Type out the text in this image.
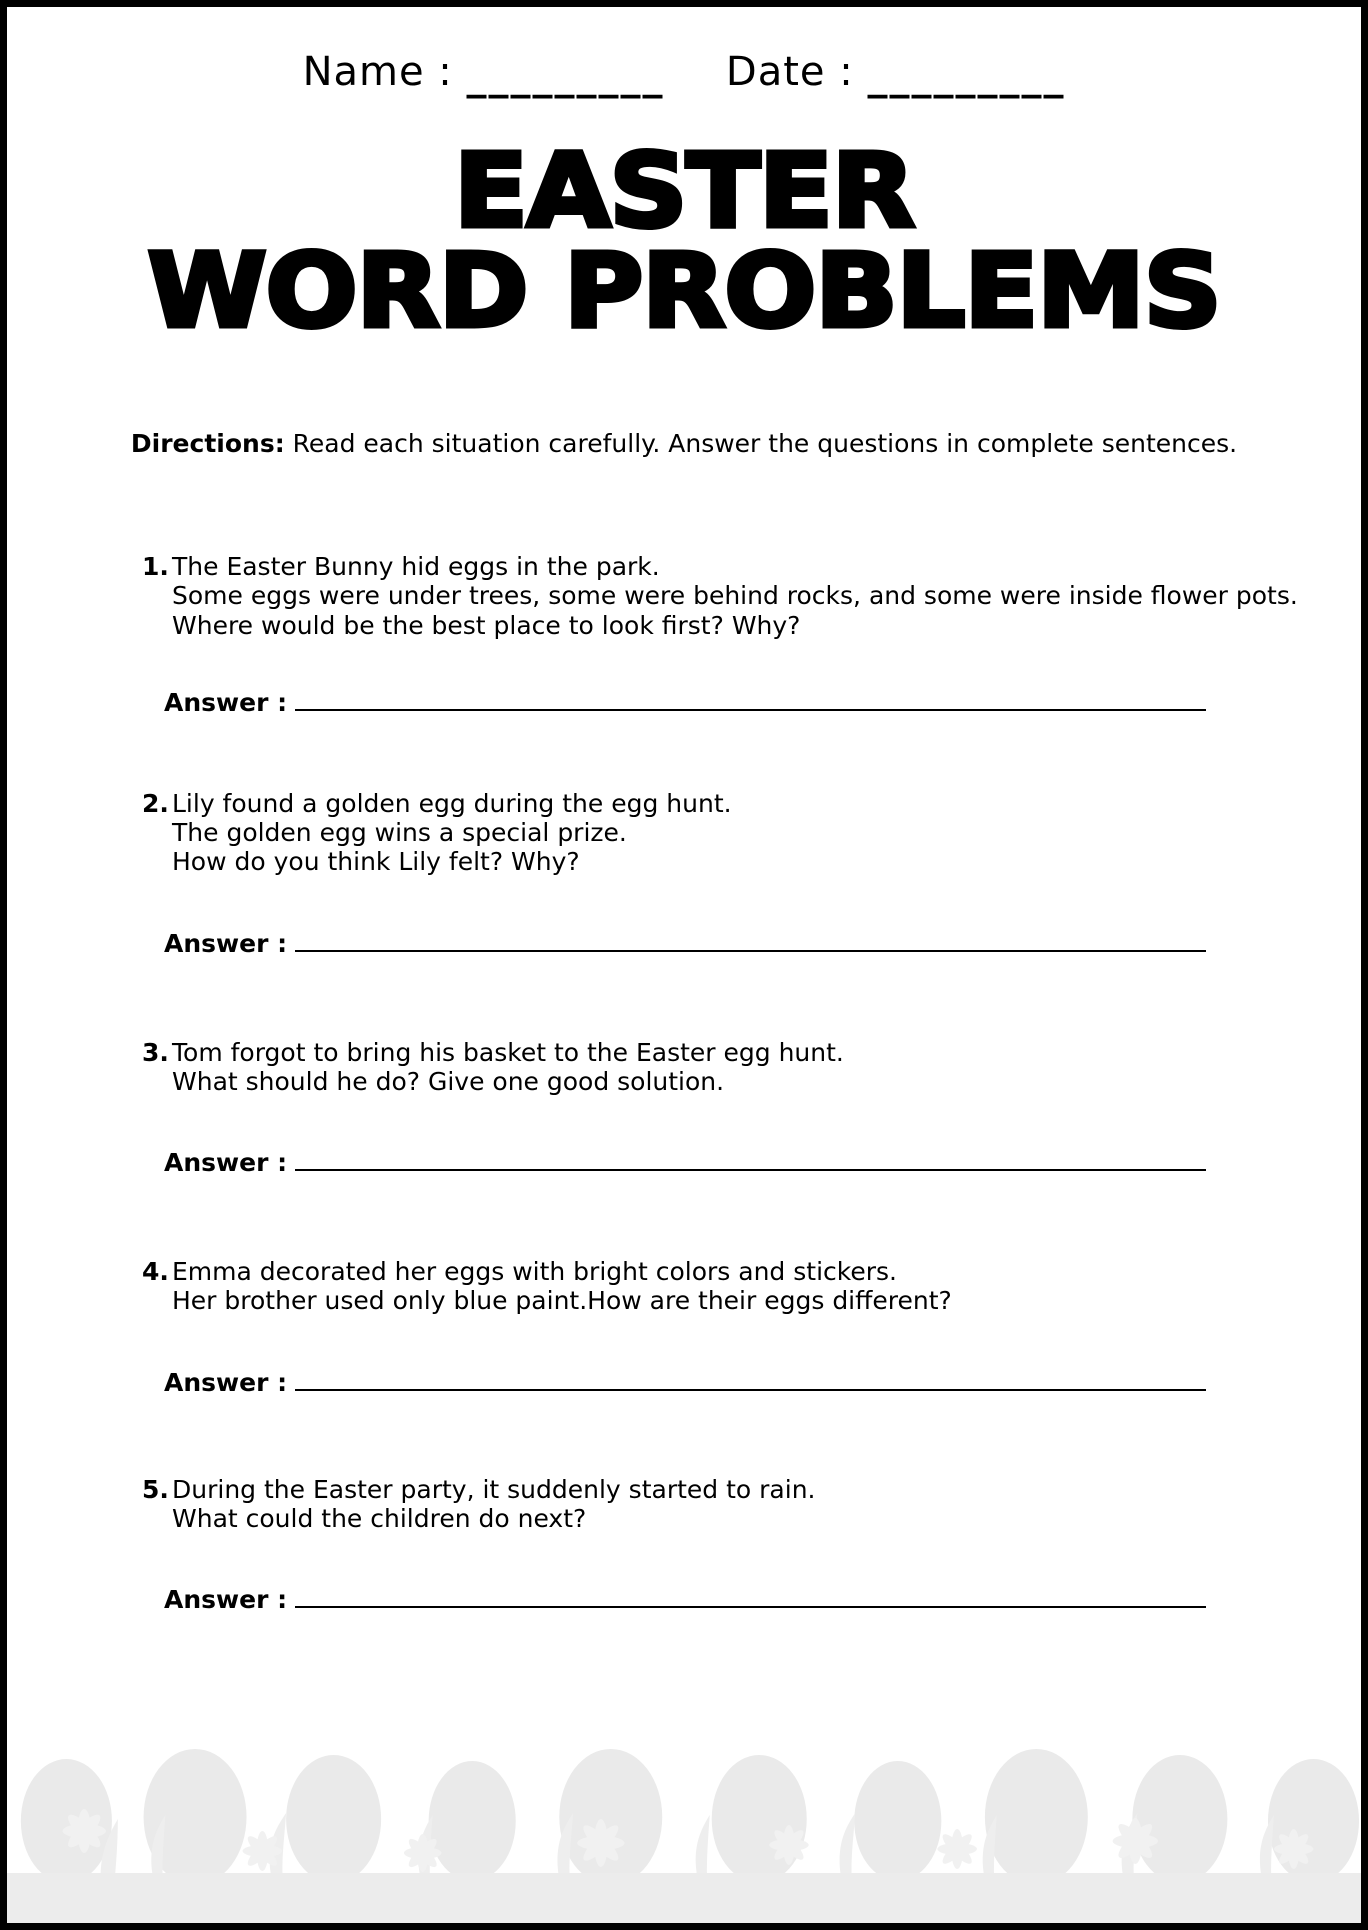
Name : _________ Date : _________
EASTER
WORD PROBLEMS
Directions: Read each situation carefully. Answer the questions in complete sentences.
1. The Easter Bunny hid eggs in the park.
Some eggs were under trees, some were behind rocks, and some were inside flower pots.
Where would be the best place to look first? Why?
Answer :
2. Lily found a golden egg during the egg hunt.
The golden egg wins a special prize.
How do you think Lily felt? Why?
Answer :
3. Tom forgot to bring his basket to the Easter egg hunt.
What should he do? Give one good solution.
Answer :
4. Emma decorated her eggs with bright colors and stickers.
Her brother used only blue paint.How are their eggs different?
Answer :
5. During the Easter party, it suddenly started to rain.
What could the children do next?
Answer :
